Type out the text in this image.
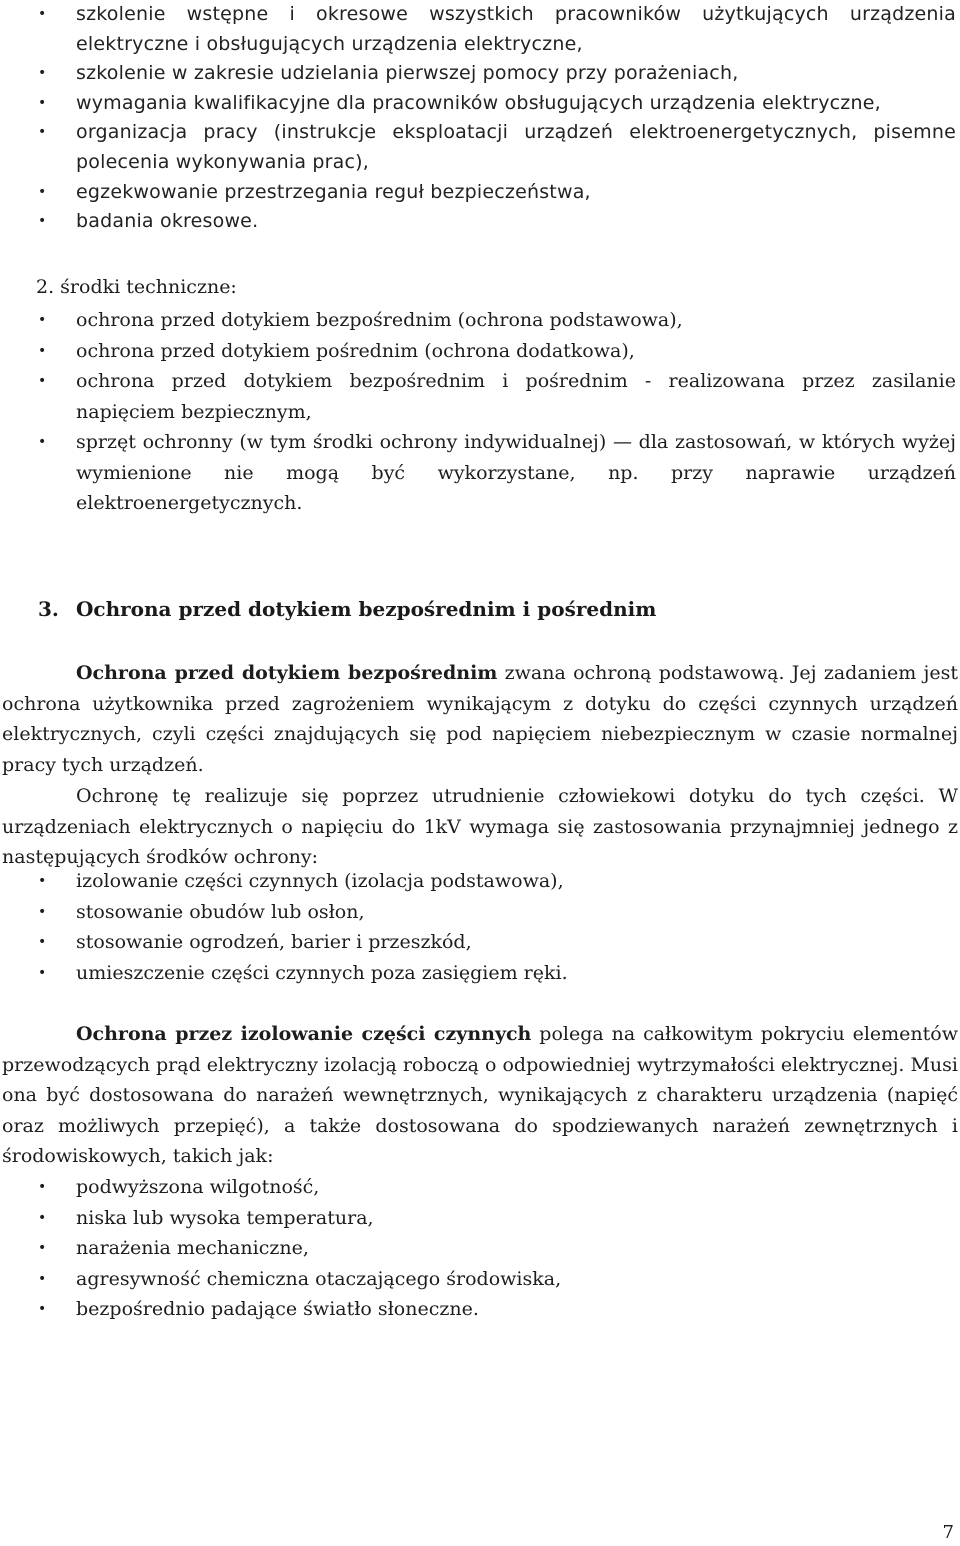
• szkolenie wstępne i okresowe wszystkich pracowników użytkujących urządzenia elektryczne i obsługujących urządzenia elektryczne,
• szkolenie w zakresie udzielania pierwszej pomocy przy porażeniach,
• wymagania kwalifikacyjne dla pracowników obsługujących urządzenia elektryczne,
• organizacja pracy (instrukcje eksploatacji urządzeń elektroenergetycznych, pisemne polecenia wykonywania prac),
• egzekwowanie przestrzegania reguł bezpieczeństwa,
• badania okresowe.
2. środki techniczne:
• ochrona przed dotykiem bezpośrednim (ochrona podstawowa),
• ochrona przed dotykiem pośrednim (ochrona dodatkowa),
• ochrona przed dotykiem bezpośrednim i pośrednim - realizowana przez zasilanie napięciem bezpiecznym,
• sprzęt ochronny (w tym środki ochrony indywidualnej) — dla zastosowań, w których wyżej wymienione nie mogą być wykorzystane, np. przy naprawie urządzeń elektroenergetycznych.
3. Ochrona przed dotykiem bezpośrednim i pośrednim

Ochrona przed dotykiem bezpośrednim zwana ochroną podstawową. Jej zadaniem jest ochrona użytkownika przed zagrożeniem wynikającym z dotyku do części czynnych urządzeń elektrycznych, czyli części znajdujących się pod napięciem niebezpiecznym w czasie normalnej pracy tych urządzeń.

Ochronę tę realizuje się poprzez utrudnienie człowiekowi dotyku do tych części. W urządzeniach elektrycznych o napięciu do 1kV wymaga się zastosowania przynajmniej jednego z następujących środków ochrony:

• izolowanie części czynnych (izolacja podstawowa),
• stosowanie obudów lub osłon,
• stosowanie ogrodzeń, barier i przeszkód,
• umieszczenie części czynnych poza zasięgiem ręki.

Ochrona przez izolowanie części czynnych polega na całkowitym pokryciu elementów przewodzących prąd elektryczny izolacją roboczą o odpowiedniej wytrzymałości elektrycznej. Musi ona być dostosowana do narażeń wewnętrznych, wynikających z charakteru urządzenia (napięć oraz możliwych przepięć), a także dostosowana do spodziewanych narażeń zewnętrznych i środowiskowych, takich jak:

• podwyższona wilgotność,
• niska lub wysoka temperatura,
• narażenia mechaniczne,
• agresywność chemiczna otaczającego środowiska,
• bezpośrednio padające światło słoneczne.
7
